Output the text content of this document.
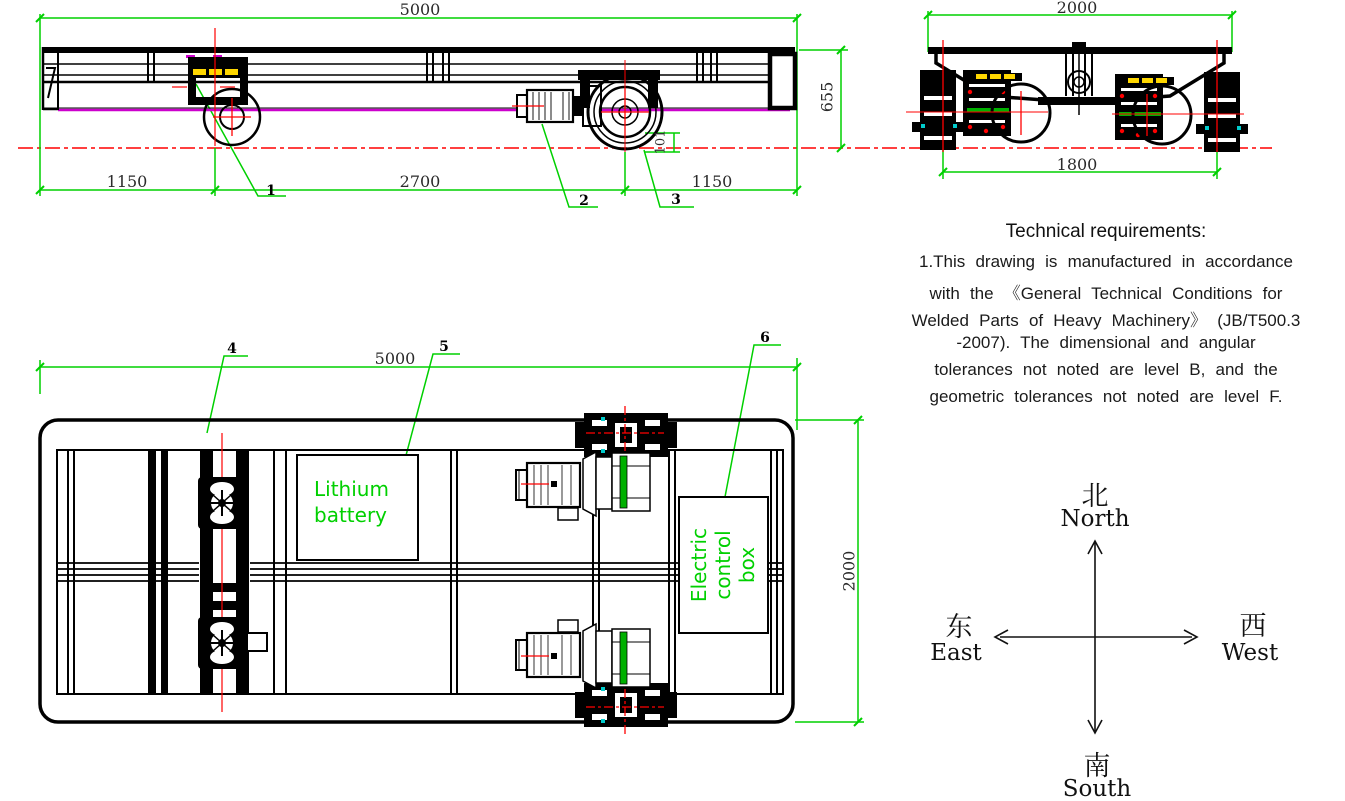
5000
1150	2700	1150
655
101
1
2	3
2000
1800
5000
2000
4	5
6
Lithium
battery
Electric
control
box
Technical requirements:
1.This drawing is manufactured in accordance
with the 《General Technical Conditions for
Welded Parts of Heavy Machinery》 (JB/T500.3
-2007). The dimensional and angular
tolerances not noted are level B, and the
geometric tolerances not noted are level F.
北
North
东
East
西
West
南
South
